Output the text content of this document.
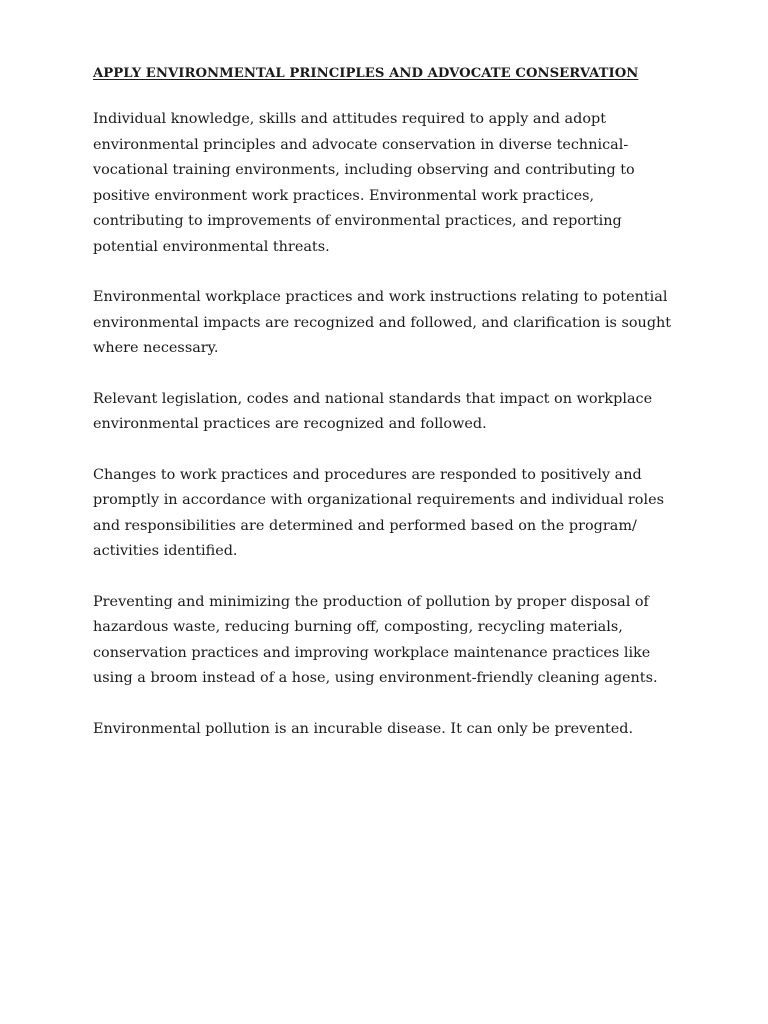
APPLY ENVIRONMENTAL PRINCIPLES AND ADVOCATE CONSERVATION

Individual knowledge, skills and attitudes required to apply and adopt environmental principles and advocate conservation in diverse technical-vocational training environments, including observing and contributing to positive environment work practices. Environmental work practices, contributing to improvements of environmental practices, and reporting potential environmental threats.

Environmental workplace practices and work instructions relating to potential environmental impacts are recognized and followed, and clarification is sought where necessary.

Relevant legislation, codes and national standards that impact on workplace environmental practices are recognized and followed.

Changes to work practices and procedures are responded to positively and promptly in accordance with organizational requirements and individual roles and responsibilities are determined and performed based on the program/ activities identified.

Preventing and minimizing the production of pollution by proper disposal of hazardous waste, reducing burning off, composting, recycling materials, conservation practices and improving workplace maintenance practices like using a broom instead of a hose, using environment-friendly cleaning agents.

Environmental pollution is an incurable disease. It can only be prevented.
